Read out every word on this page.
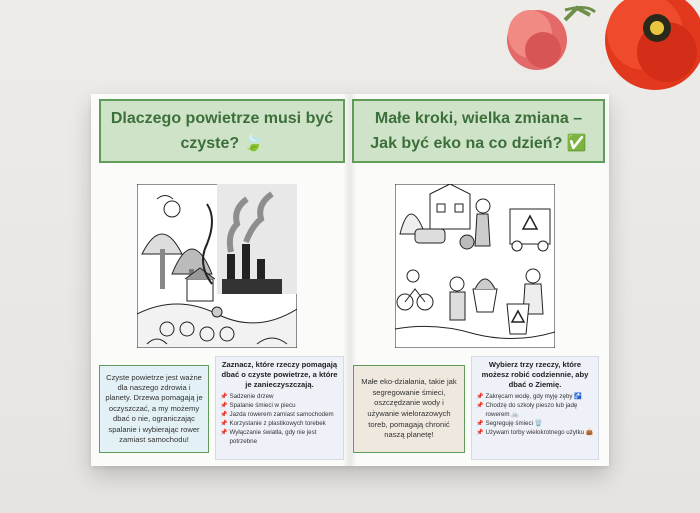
Dlaczego powietrze musi być czyste? 🍃
Czyste powietrze jest ważne dla naszego zdrowia i planety. Drzewa pomagają je oczyszczać, a my możemy dbać o nie, ograniczając spalanie i wybierając rower zamiast samochodu!
Zaznacz, które rzeczy pomagają dbać o czyste powietrze, a które je zanieczyszczają.
📌 Sadzenie drzew
📌 Spalanie śmieci w piecu
📌 Jazda rowerem zamiast samochodem
📌 Korzystanie z plastikowych torebek
📌 Wyłączanie światła, gdy nie jest potrzebne
Małe kroki, wielka zmiana – Jak być eko na co dzień? ✅
Małe eko-działania, takie jak segregowanie śmieci, oszczędzanie wody i używanie wielorazowych toreb, pomagają chronić naszą planetę!
Wybierz trzy rzeczy, które możesz robić codziennie, aby dbać o Ziemię.
📌 Zakręcam wodę, gdy myję zęby 🚰
📌 Chodzę do szkoły pieszo lub jadę rowerem 🚲
📌 Segreguję śmieci 🗑️
📌 Używam torby wielokrotnego użytku 👜
